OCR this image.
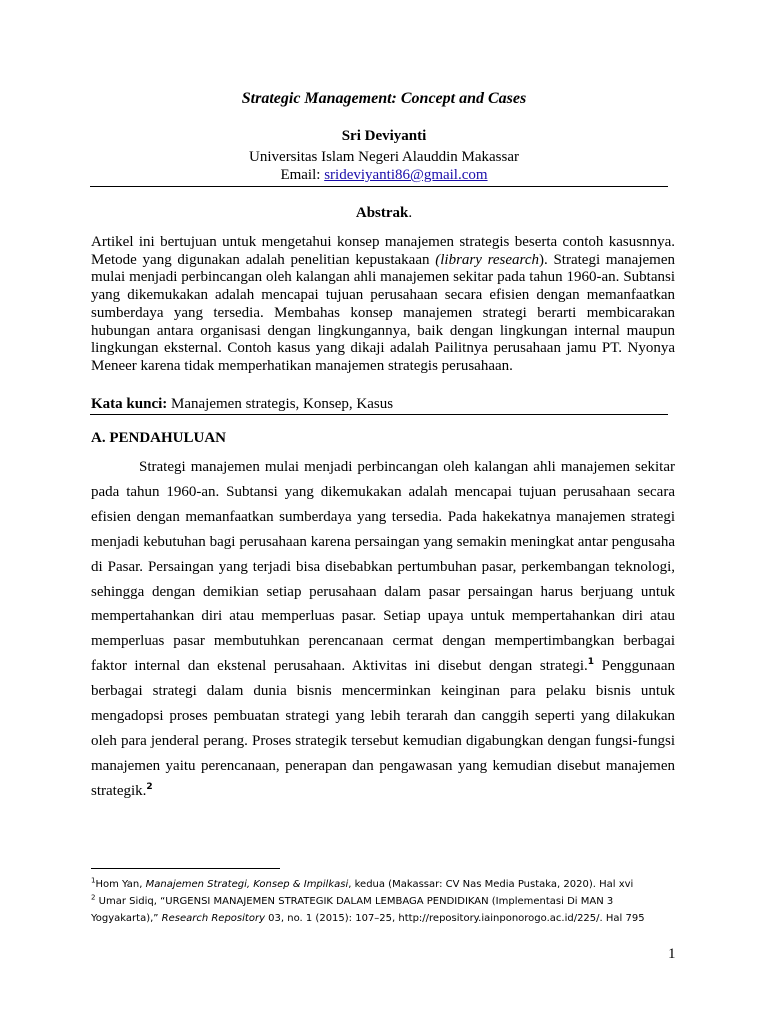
Strategic Management: Concept and Cases
Sri Deviyanti
Universitas Islam Negeri Alauddin Makassar
Email: srideviyanti86@gmail.com
Abstrak.

Artikel ini bertujuan untuk mengetahui konsep manajemen strategis beserta contoh kasusnnya. Metode yang digunakan adalah penelitian kepustakaan (library research). Strategi manajemen mulai menjadi perbincangan oleh kalangan ahli manajemen sekitar pada tahun 1960-an. Subtansi yang dikemukakan adalah mencapai tujuan perusahaan secara efisien dengan memanfaatkan sumberdaya yang tersedia. Membahas konsep manajemen strategi berarti membicarakan hubungan antara organisasi dengan lingkungannya, baik dengan lingkungan internal maupun lingkungan eksternal. Contoh kasus yang dikaji adalah Pailitnya perusahaan jamu PT. Nyonya Meneer karena tidak memperhatikan manajemen strategis perusahaan.

Kata kunci: Manajemen strategis, Konsep, Kasus
A. PENDAHULUAN

Strategi manajemen mulai menjadi perbincangan oleh kalangan ahli manajemen sekitar pada tahun 1960-an. Subtansi yang dikemukakan adalah mencapai tujuan perusahaan secara efisien dengan memanfaatkan sumberdaya yang tersedia. Pada hakekatnya manajemen strategi menjadi kebutuhan bagi perusahaan karena persaingan yang semakin meningkat antar pengusaha di Pasar. Persaingan yang terjadi bisa disebabkan pertumbuhan pasar, perkembangan teknologi, sehingga dengan demikian setiap perusahaan dalam pasar persaingan harus berjuang untuk mempertahankan diri atau memperluas pasar. Setiap upaya untuk mempertahankan diri atau memperluas pasar membutuhkan perencanaan cermat dengan mempertimbangkan berbagai faktor internal dan ekstenal perusahaan. Aktivitas ini disebut dengan strategi.$^1$ Penggunaan berbagai strategi dalam dunia bisnis mencerminkan keinginan para pelaku bisnis untuk mengadopsi proses pembuatan strategi yang lebih terarah dan canggih seperti yang dilakukan oleh para jenderal perang. Proses strategik tersebut kemudian digabungkan dengan fungsi-fungsi manajemen yaitu perencanaan, penerapan dan pengawasan yang kemudian disebut manajemen strategik.$^2$

$^1$Hom Yan, Manajemen Strategi, Konsep & Impilkasi, kedua (Makassar: CV Nas Media Pustaka, 2020). Hal xvi

$^2$ Umar Sidiq, “URGENSI MANAJEMEN STRATEGIK DALAM LEMBAGA PENDIDIKAN (Implementasi Di MAN 3 Yogyakarta),” Research Repository 03, no. 1 (2015): 107–25, http://repository.iainponorogo.ac.id/225/. Hal 795

1
